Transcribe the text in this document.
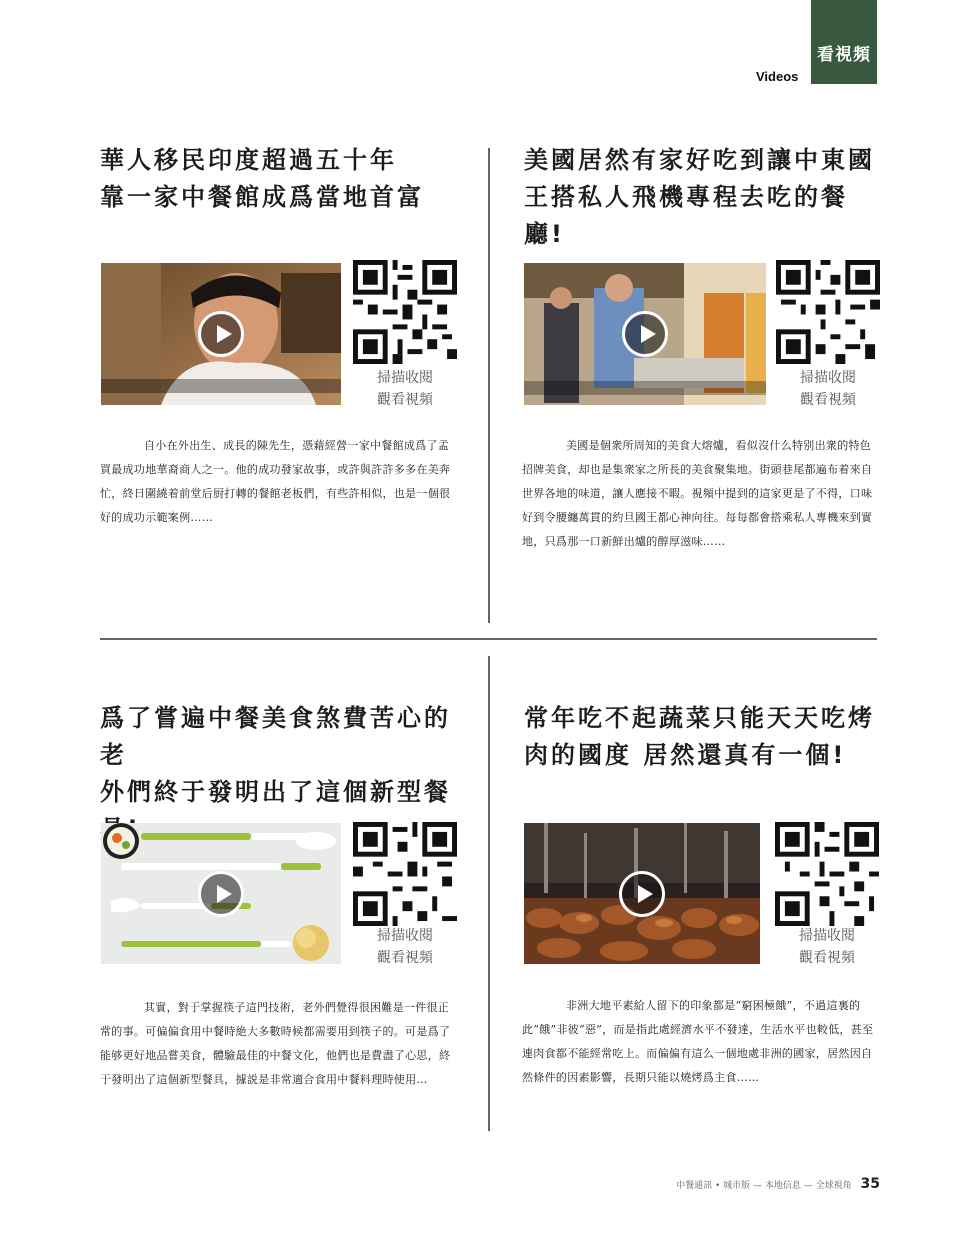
看視頻
Videos
華人移民印度超過五十年
靠一家中餐館成爲當地首富
掃描收閱
觀看視頻
自小在外出生、成長的陳先生，憑藉經營一家中餐館成爲了孟買最成功地華裔商人之一。他的成功發家故事，或許與許許多多在美奔忙，終日圍繞着前堂后厨打轉的餐館老板們，有些許相似，也是一個很好的成功示範案例……
美國居然有家好吃到讓中東國
王搭私人飛機專程去吃的餐
廳!
掃描收閱
觀看視頻
美國是個衆所周知的美食大熔爐，看似沒什么特别出衆的特色招牌美食，却也是集衆家之所長的美食聚集地。街頭巷尾都遍布着來自世界各地的味道，讓人應接不暇。視頻中提到的這家更是了不得，口味好到令腰纏萬貫的約旦國王都心神向往。每每都會搭乘私人專機來到實地，只爲那一口新鮮出爐的醇厚滋味……
爲了嘗遍中餐美食煞費苦心的老
外們終于發明出了這個新型餐
掃描收閱
觀看視頻
其實，對于掌握筷子這門技術，老外們覺得很困難是一件很正常的事。可偏偏食用中餐時絶大多數時候都需要用到筷子的。可是爲了能够更好地品嘗美食，體驗最佳的中餐文化，他們也是費盡了心思，終于發明出了這個新型餐具，據説是非常適合食用中餐料理時使用…
常年吃不起蔬菜只能天天吃烤
肉的國度 居然還真有一個!
掃描收閱
觀看視頻
非洲大地平素給人留下的印象都是“窮困極餓”，不過這裏的此“餓”非彼“惡”，而是指此處經濟水平不發達，生活水平也較低，甚至連肉食都不能經常吃上。而偏偏有這么一個地處非洲的國家，居然因自然條件的因素影響，長期只能以燒烤爲主食……
中餐通訊 • 城市版 — 本地信息 — 全球視角 35
